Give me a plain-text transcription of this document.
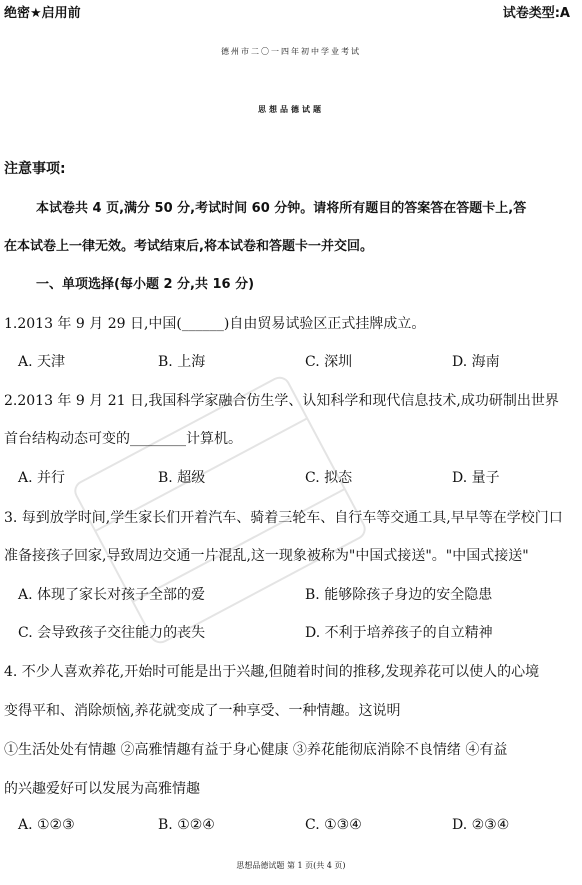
绝密★启用前	试卷类型:A
德州市二〇一四年初中学业考试
思想品德试题
注意事项:
本试卷共 4 页,满分 50 分,考试时间 60 分钟。请将所有题目的答案答在答题卡上,答
在本试卷上一律无效。考试结束后,将本试卷和答题卡一并交回。
一、单项选择(每小题 2 分,共 16 分)
1.2013 年 9 月 29 日,中国(______)自由贸易试验区正式挂牌成立。
A. 天津	B. 上海	C. 深圳	D. 海南
2.2013 年 9 月 21 日,我国科学家融合仿生学、认知科学和现代信息技术,成功研制出世界
首台结构动态可变的________计算机。
A. 并行	B. 超级	C. 拟态	D. 量子
3. 每到放学时间,学生家长们开着汽车、骑着三轮车、自行车等交通工具,早早等在学校门口
准备接孩子回家,导致周边交通一片混乱,这一现象被称为"中国式接送"。"中国式接送"
A. 体现了家长对孩子全部的爱	B. 能够除孩子身边的安全隐患
C. 会导致孩子交往能力的丧失	D. 不利于培养孩子的自立精神
4. 不少人喜欢养花,开始时可能是出于兴趣,但随着时间的推移,发现养花可以使人的心境
变得平和、消除烦恼,养花就变成了一种享受、一种情趣。这说明
①生活处处有情趣 ②高雅情趣有益于身心健康 ③养花能彻底消除不良情绪 ④有益
的兴趣爱好可以发展为高雅情趣
A. ①②③	B. ①②④	C. ①③④	D. ②③④
思想品德试题 第 1 页(共 4 页)
